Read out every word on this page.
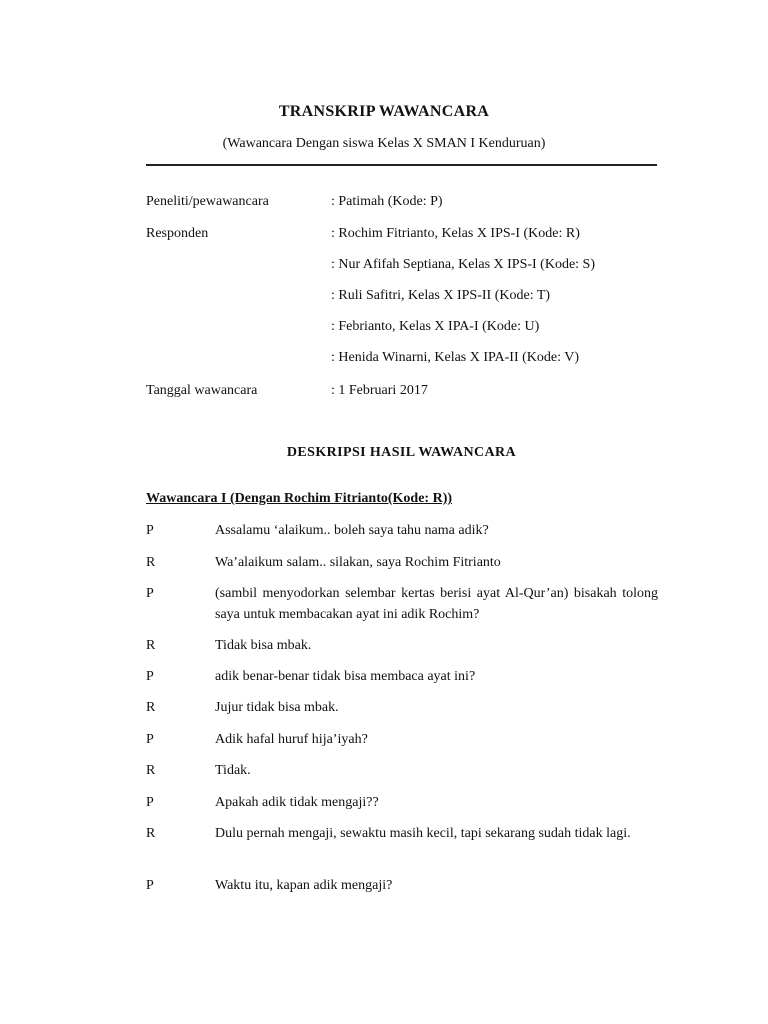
TRANSKRIP WAWANCARA
(Wawancara Dengan siswa Kelas X SMAN I Kenduruan)
Peneliti/pewawancara	: Patimah (Kode: P)
Responden	: Rochim Fitrianto, Kelas X IPS-I (Kode: R)
: Nur Afifah Septiana, Kelas X IPS-I (Kode: S)
: Ruli Safitri, Kelas X IPS-II (Kode: T)
: Febrianto, Kelas X IPA-I (Kode: U)
: Henida Winarni, Kelas X IPA-II (Kode: V)
Tanggal wawancara	: 1 Februari 2017
DESKRIPSI HASIL WAWANCARA
Wawancara I (Dengan Rochim Fitrianto(Kode: R))
P	Assalamu ‘alaikum.. boleh saya tahu nama adik?
R	Wa’alaikum salam.. silakan, saya Rochim Fitrianto
P	(sambil menyodorkan selembar kertas berisi ayat Al-Qur’an) bisakah tolong saya untuk membacakan ayat ini adik Rochim?
R	Tidak bisa mbak.
P	adik benar-benar tidak bisa membaca ayat ini?
R	Jujur tidak bisa mbak.
P	Adik hafal huruf hija’iyah?
R	Tidak.
P	Apakah adik tidak mengaji??
R	Dulu pernah mengaji, sewaktu masih kecil, tapi sekarang sudah tidak lagi.
P	Waktu itu, kapan adik mengaji?
